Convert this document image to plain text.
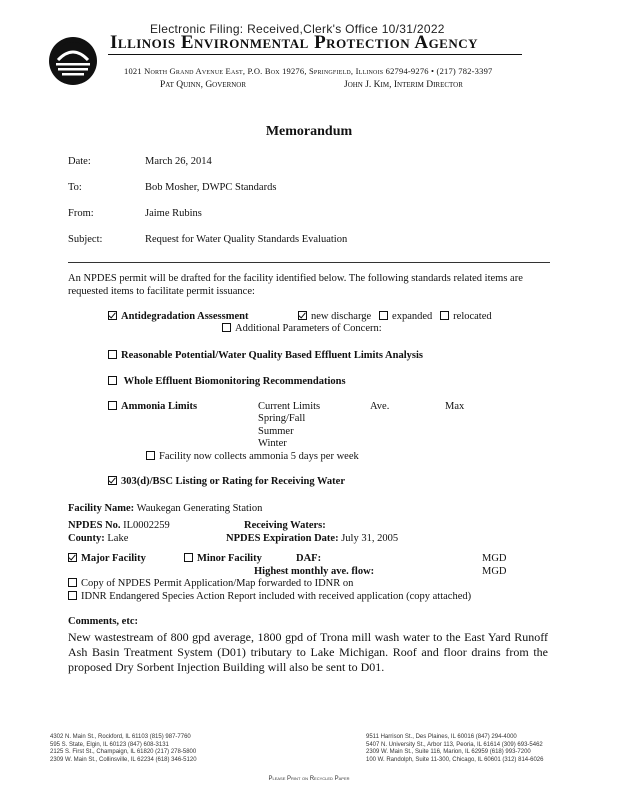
Electronic Filing: Received,Clerk's Office 10/31/2022
Illinois Environmental Protection Agency
1021 North Grand Avenue East, P.O. Box 19276, Springfield, Illinois 62794-9276 • (217) 782-3397
Pat Quinn, Governor	John J. Kim, Interim Director
Memorandum
Date:	March 26, 2014
To:	Bob Mosher, DWPC Standards
From:	Jaime Rubins
Subject:	Request for Water Quality Standards Evaluation
An NPDES permit will be drafted for the facility identified below. The following standards related items are requested items to facilitate permit issuance:
Antidegradation Assessment	new discharge expanded relocated
Additional Parameters of Concern:
Reasonable Potential/Water Quality Based Effluent Limits Analysis
Whole Effluent Biomonitoring Recommendations
Ammonia Limits	Current Limits	Ave.	Max
Spring/Fall
Summer
Winter
Facility now collects ammonia 5 days per week
303(d)/BSC Listing or Rating for Receiving Water
Facility Name: Waukegan Generating Station
NPDES No. IL0002259	Receiving Waters:
County: Lake	NPDES Expiration Date: July 31, 2005
Major Facility	Minor Facility	DAF:	MGD
Highest monthly ave. flow:	MGD
Copy of NPDES Permit Application/Map forwarded to IDNR on
IDNR Endangered Species Action Report included with received application (copy attached)
Comments, etc:
New wastestream of 800 gpd average, 1800 gpd of Trona mill wash water to the East Yard Runoff Ash Basin Treatment System (D01) tributary to Lake Michigan. Roof and floor drains from the proposed Dry Sorbent Injection Building will also be sent to D01.
4302 N. Main St., Rockford, IL 61103 (815) 987-7760
595 S. State, Elgin, IL 60123 (847) 608-3131
2125 S. First St., Champaign, IL 61820 (217) 278-5800
2309 W. Main St., Collinsville, IL 62234 (618) 346-5120
9511 Harrison St., Des Plaines, IL 60016 (847) 294-4000
5407 N. University St., Arbor 113, Peoria, IL 61614 (309) 693-5462
2309 W. Main St., Suite 116, Marion, IL 62959 (618) 993-7200
100 W. Randolph, Suite 11-300, Chicago, IL 60601 (312) 814-6026
Please Print on Recycled Paper
